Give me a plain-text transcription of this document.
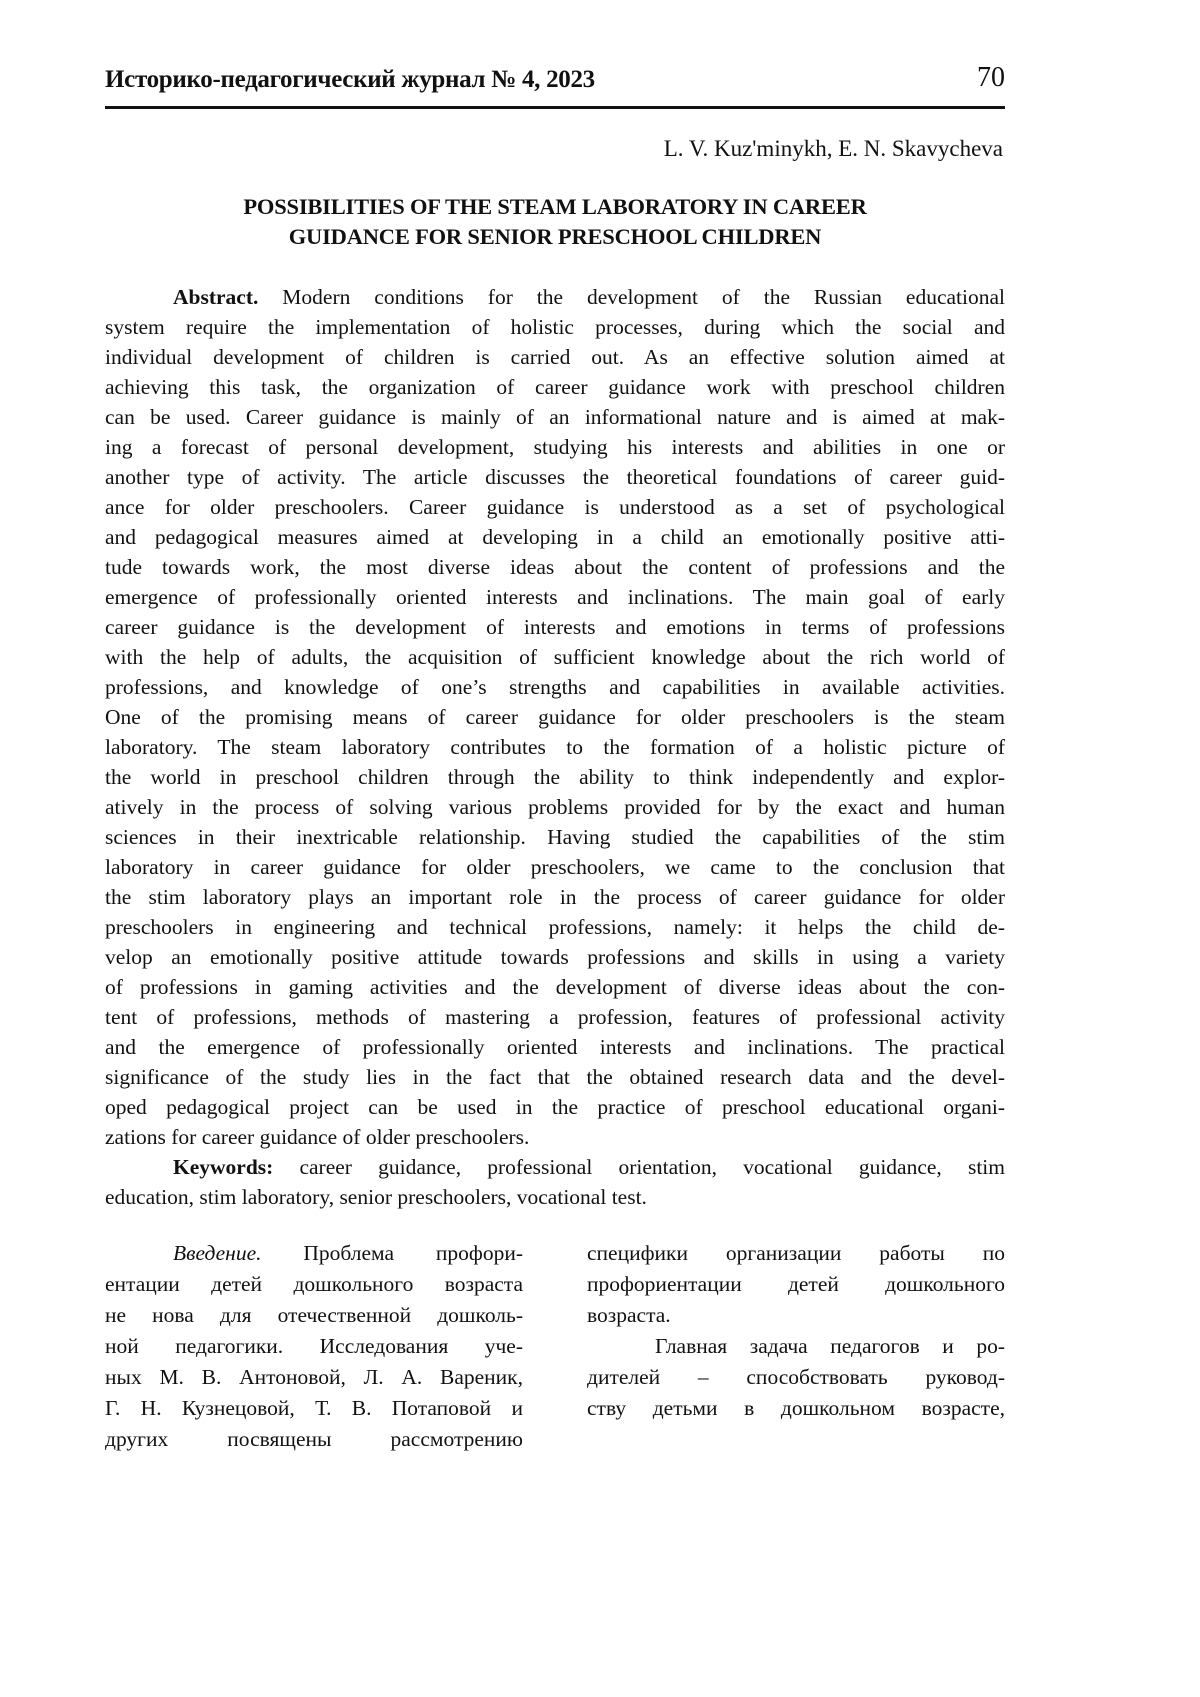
Историко-педагогический журнал № 4, 2023	70
L. V. Kuz'minykh, E. N. Skavycheva
POSSIBILITIES OF THE STEAM LABORATORY IN CAREER
GUIDANCE FOR SENIOR PRESCHOOL CHILDREN
Abstract. Modern conditions for the development of the Russian educational
system require the implementation of holistic processes, during which the social and
individual development of children is carried out. As an effective solution aimed at
achieving this task, the organization of career guidance work with preschool children
can be used. Career guidance is mainly of an informational nature and is aimed at mak-
ing a forecast of personal development, studying his interests and abilities in one or
another type of activity. The article discusses the theoretical foundations of career guid-
ance for older preschoolers. Career guidance is understood as a set of psychological
and pedagogical measures aimed at developing in a child an emotionally positive atti-
tude towards work, the most diverse ideas about the content of professions and the
emergence of professionally oriented interests and inclinations. The main goal of early
career guidance is the development of interests and emotions in terms of professions
with the help of adults, the acquisition of sufficient knowledge about the rich world of
professions, and knowledge of one’s strengths and capabilities in available activities.
One of the promising means of career guidance for older preschoolers is the steam
laboratory. The steam laboratory contributes to the formation of a holistic picture of
the world in preschool children through the ability to think independently and explor-
atively in the process of solving various problems provided for by the exact and human
sciences in their inextricable relationship. Having studied the capabilities of the stim
laboratory in career guidance for older preschoolers, we came to the conclusion that
the stim laboratory plays an important role in the process of career guidance for older
preschoolers in engineering and technical professions, namely: it helps the child de-
velop an emotionally positive attitude towards professions and skills in using a variety
of professions in gaming activities and the development of diverse ideas about the con-
tent of professions, methods of mastering a profession, features of professional activity
and the emergence of professionally oriented interests and inclinations. The practical
significance of the study lies in the fact that the obtained research data and the devel-
oped pedagogical project can be used in the practice of preschool educational organi-
zations for career guidance of older preschoolers.
Keywords: career guidance, professional orientation, vocational guidance, stim
education, stim laboratory, senior preschoolers, vocational test.
Введение. Проблема профори-
ентации детей дошкольного возраста
не нова для отечественной дошколь-
ной педагогики. Исследования уче-
ных М. В. Антоновой, Л. А. Вареник,
Г. Н. Кузнецовой, Т. В. Потаповой и
других посвящены рассмотрению
специфики организации работы по
профориентации детей дошкольного
возраста.
Главная задача педагогов и ро-
дителей – способствовать руковод-
ству детьми в дошкольном возрасте,
